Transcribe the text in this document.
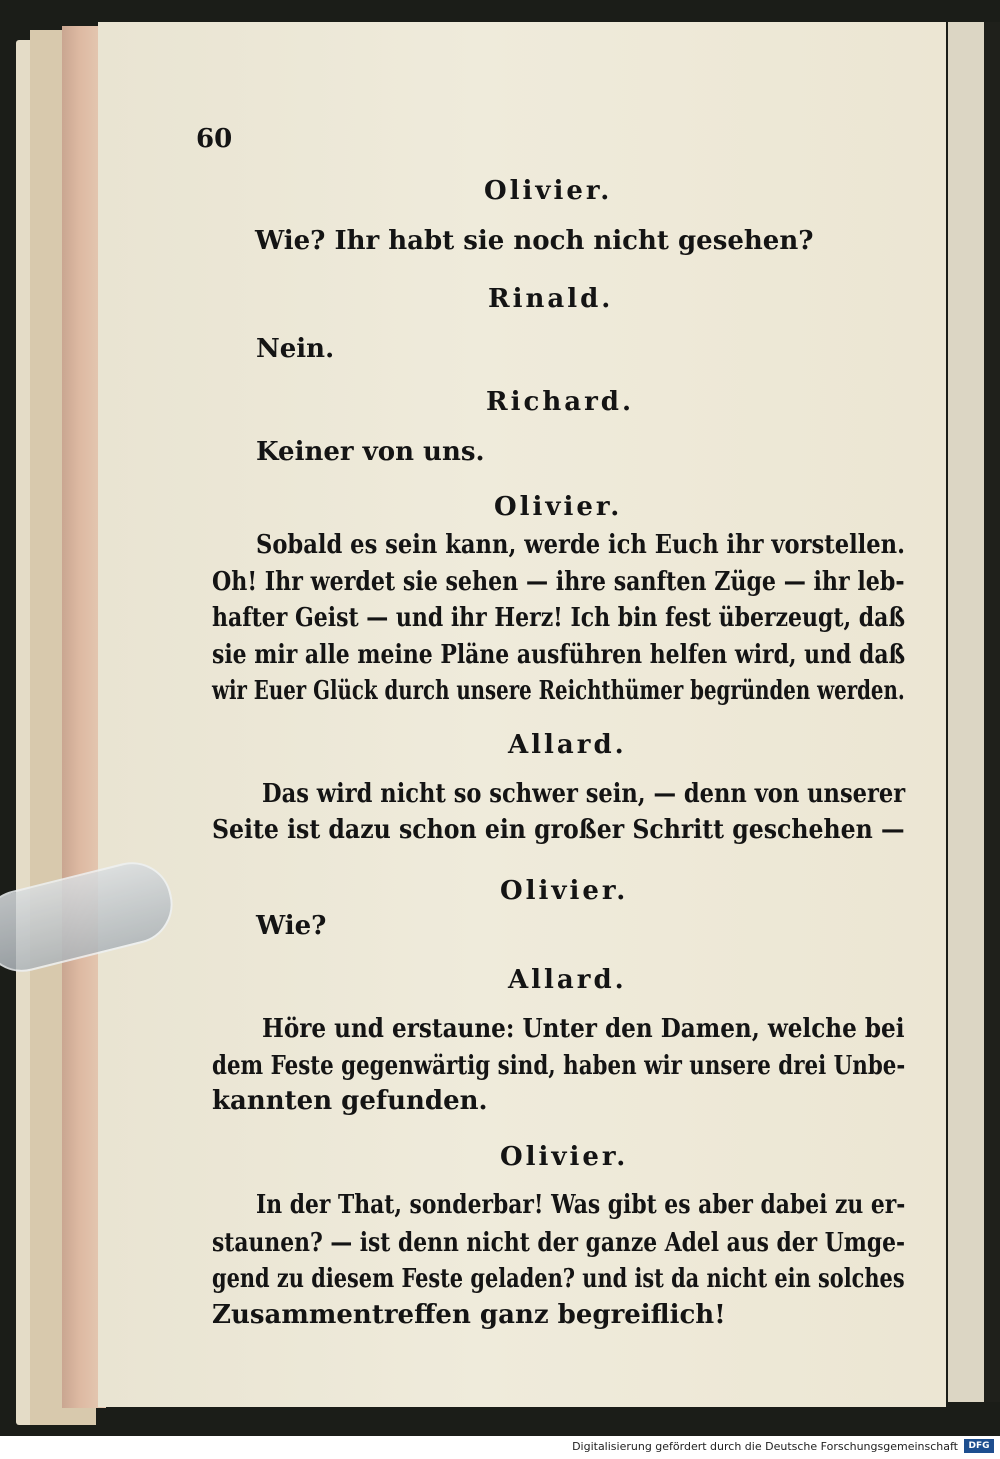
60
Olivier.
Wie? Ihr habt sie noch nicht gesehen?
Rinald.
Nein.
Richard.
Keiner von uns.
Olivier.
Sobald es sein kann, werde ich Euch ihr vorstellen.
Oh! Ihr werdet sie sehen — ihre sanften Züge — ihr leb-
hafter Geist — und ihr Herz! Ich bin fest überzeugt, daß
sie mir alle meine Pläne ausführen helfen wird, und daß
wir Euer Glück durch unsere Reichthümer begründen werden.
Allard.
Das wird nicht so schwer sein, — denn von unserer
Seite ist dazu schon ein großer Schritt geschehen —
Olivier.
Wie?
Allard.
Höre und erstaune: Unter den Damen, welche bei
dem Feste gegenwärtig sind, haben wir unsere drei Unbe-
kannten gefunden.
Olivier.
In der That, sonderbar! Was gibt es aber dabei zu er-
staunen? — ist denn nicht der ganze Adel aus der Umge-
gend zu diesem Feste geladen? und ist da nicht ein solches
Zusammentreffen ganz begreiflich!
Digitalisierung gefördert durch die Deutsche Forschungsgemeinschaft	DFG
